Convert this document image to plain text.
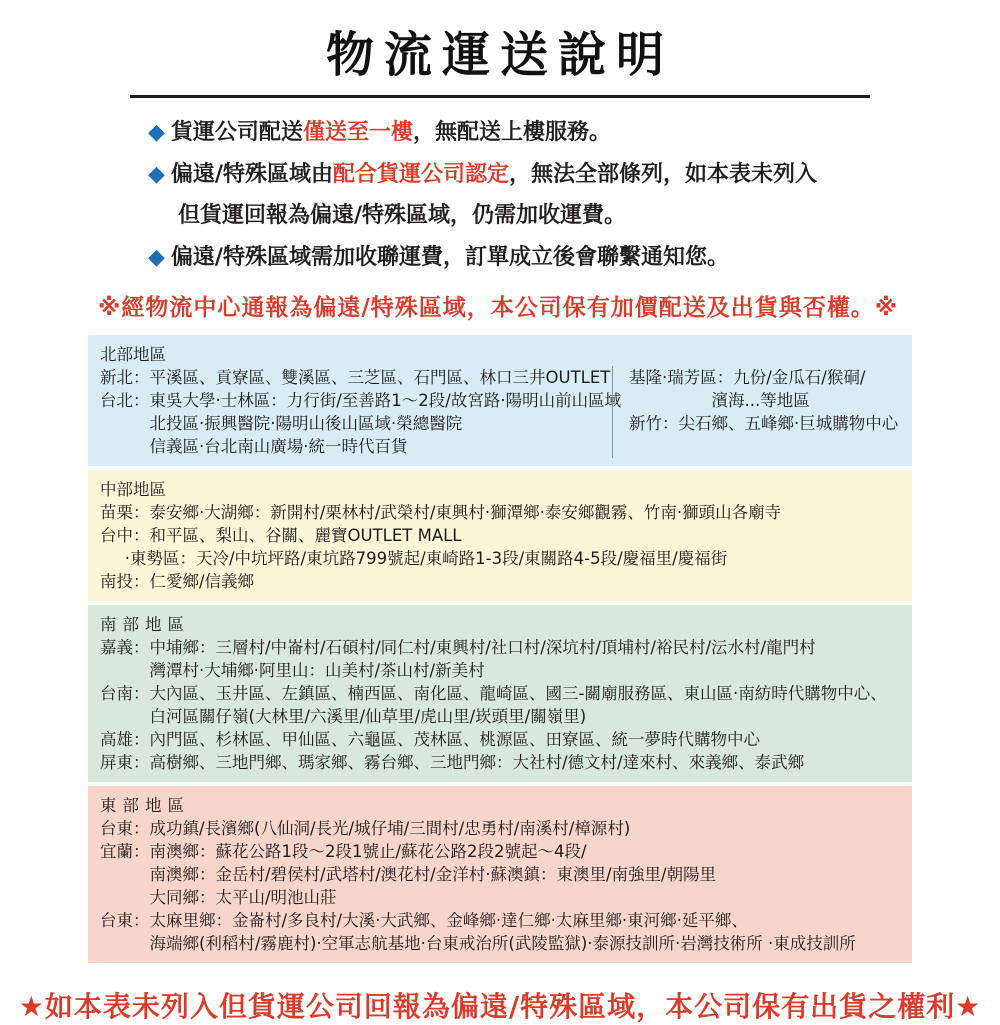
物流運送說明
◆ 貨運公司配送僅送至一樓，無配送上樓服務。
◆ 偏遠/特殊區域由配合貨運公司認定，無法全部條列，如本表未列入
但貨運回報為偏遠/特殊區域，仍需加收運費。
◆ 偏遠/特殊區域需加收聯運費，訂單成立後會聯繫通知您。
※經物流中心通報為偏遠/特殊區域，本公司保有加價配送及出貨與否權。※
北部地區
新北：平溪區、貢寮區、雙溪區、三芝區、石門區、林口三井OUTLET
台北：東吳大學‧士林區：力行街/至善路1～2段/故宮路‧陽明山前山區域
北投區‧振興醫院‧陽明山後山區域‧榮總醫院
信義區‧台北南山廣場‧統一時代百貨
基隆‧瑞芳區：九份/金瓜石/猴硐/
濱海...等地區
新竹：尖石鄉、五峰鄉‧巨城購物中心
中部地區
苗栗：泰安鄉‧大湖鄉：新開村/栗林村/武榮村/東興村‧獅潭鄉‧泰安鄉觀霧、竹南‧獅頭山各廟寺
台中：和平區、梨山、谷關、麗寶OUTLET MALL
‧東勢區：天冷/中坑坪路/東坑路799號起/東崎路1-3段/東關路4-5段/慶福里/慶福街
南投：仁愛鄉/信義鄉
南部地區
嘉義：中埔鄉：三層村/中崙村/石碩村/同仁村/東興村/社口村/深坑村/頂埔村/裕民村/沄水村/龍門村
灣潭村‧大埔鄉‧阿里山：山美村/茶山村/新美村
台南：大內區、玉井區、左鎮區、楠西區、南化區、龍崎區、國三-關廟服務區、東山區‧南紡時代購物中心、
白河區關仔嶺(大林里/六溪里/仙草里/虎山里/崁頭里/關嶺里)
高雄：內門區、杉林區、甲仙區、六龜區、茂林區、桃源區、田寮區、統一夢時代購物中心
屏東：高樹鄉、三地門鄉、瑪家鄉、霧台鄉、三地門鄉：大社村/德文村/達來村、來義鄉、泰武鄉
東部地區
台東：成功鎮/長濱鄉(八仙洞/長光/城仔埔/三間村/忠勇村/南溪村/樟源村)
宜蘭：南澳鄉：蘇花公路1段～2段1號止/蘇花公路2段2號起～4段/
南澳鄉：金岳村/碧侯村/武塔村/澳花村/金洋村‧蘇澳鎮：東澳里/南強里/朝陽里
大同鄉：太平山/明池山莊
台東：太麻里鄉：金崙村/多良村/大溪‧大武鄉、金峰鄉‧達仁鄉‧太麻里鄉‧東河鄉‧延平鄉、
海端鄉(利稻村/霧鹿村)‧空軍志航基地‧台東戒治所(武陵監獄)‧泰源技訓所‧岩灣技術所 ‧東成技訓所
★如本表未列入但貨運公司回報為偏遠/特殊區域，本公司保有出貨之權利★
